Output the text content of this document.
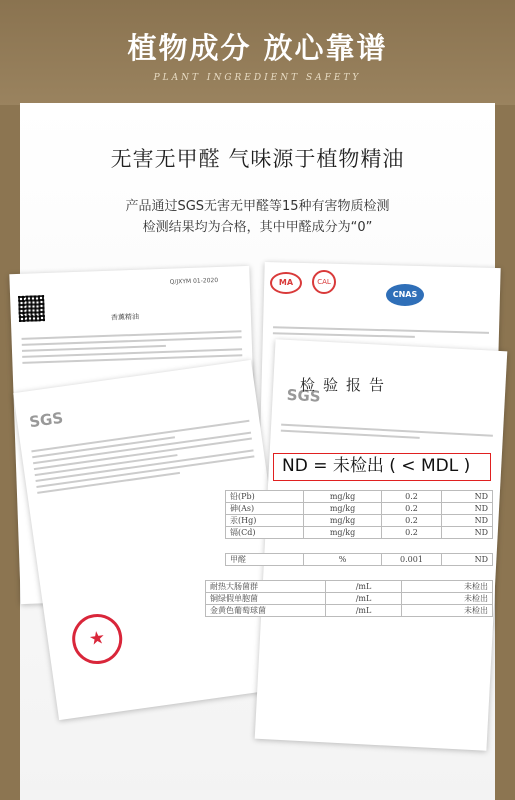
植物成分 放心靠谱
PLANT INGREDIENT SAFETY
无害无甲醛 气味源于植物精油
产品通过SGS无害无甲醛等15种有害物质检测
检测结果均为合格，其中甲醛成分为“0”
Q/JXYM 01-2020
香薰精油
MA	CAL
CNAS
SGS
★
SGS
检验报告
ND = 未检出 ( < MDL )
铅(Pb)	mg/kg	0.2	ND
砷(As)	mg/kg	0.2	ND
汞(Hg)	mg/kg	0.2	ND
镉(Cd)	mg/kg	0.2	ND
甲醛	%	0.001	ND
耐热大肠菌群	/mL	未检出
铜绿假单胞菌	/mL	未检出
金黄色葡萄球菌	/mL	未检出
